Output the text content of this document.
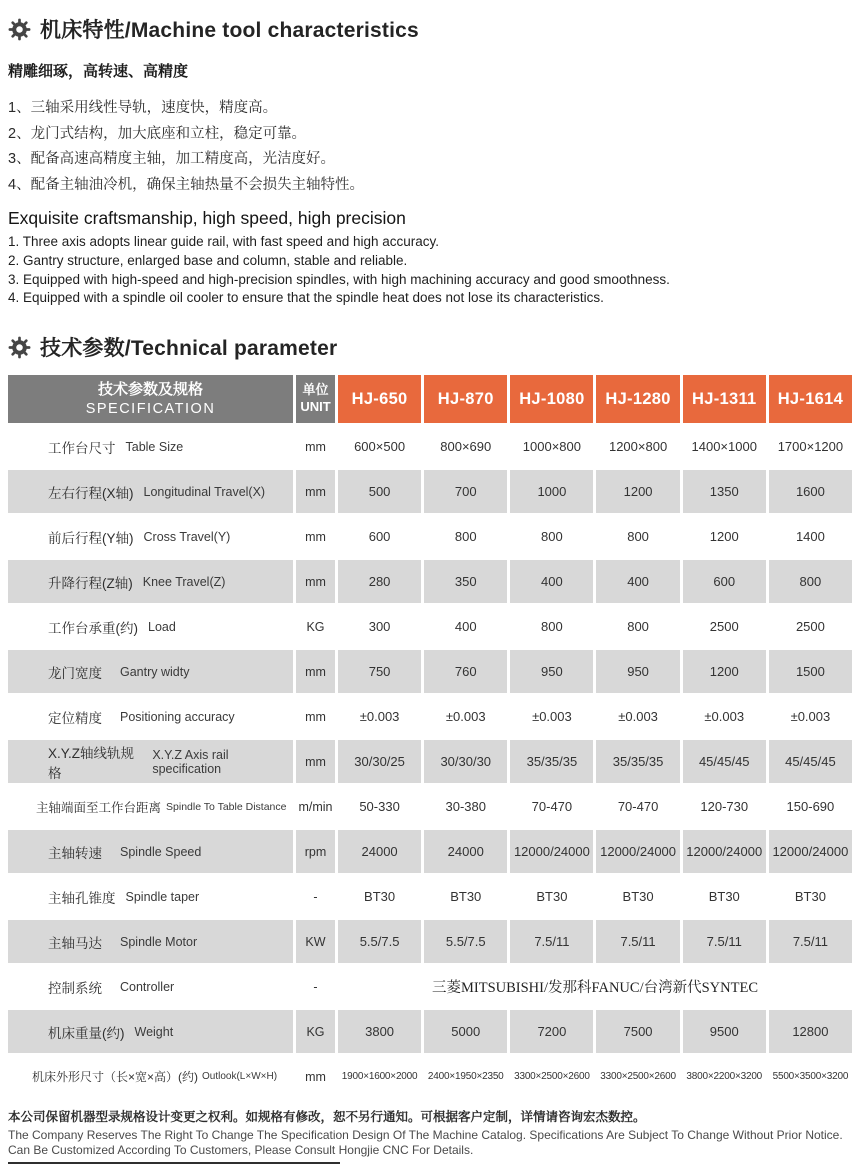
机床特性/Machine tool characteristics
精雕细琢，高转速、高精度
1、三轴采用线性导轨，速度快，精度高。
2、龙门式结构，加大底座和立柱，稳定可靠。
3、配备高速高精度主轴，加工精度高，光洁度好。
4、配备主轴油冷机，确保主轴热量不会损失主轴特性。
Exquisite craftsmanship, high speed, high precision
1. Three axis adopts linear guide rail, with fast speed and high accuracy.
2. Gantry structure, enlarged base and column, stable and reliable.
3. Equipped with high-speed and high-precision spindles, with high machining accuracy and good smoothness.
4. Equipped with a spindle oil cooler to ensure that the spindle heat does not lose its characteristics.
技术参数/Technical parameter
技术参数及规格
SPECIFICATION
单位
UNIT	HJ-650	HJ-870	HJ-1080	HJ-1280	HJ-1311	HJ-1614
工作台尺寸 Table Size	mm	600×500	800×690	1000×800	1200×800	1400×1000	1700×1200
左右行程(X轴) Longitudinal Travel(X)	mm	500	700	1000	1200	1350	1600
前后行程(Y轴) Cross Travel(Y)	mm	600	800	800	800	1200	1400
升降行程(Z轴) Knee Travel(Z)	mm	280	350	400	400	600	800
工作台承重(约) Load	KG	300	400	800	800	2500	2500
龙门宽度	Gantry widty	mm	750	760	950	950	1200	1500
定位精度	Positioning accuracy	mm	±0.003	±0.003	±0.003	±0.003	±0.003	±0.003
X.Y.Z轴线轨规格
X.Y.Z Axis rail specification	mm	30/30/25	30/30/30	35/35/35	35/35/35	45/45/45	45/45/45
主轴端面至工作台距离 Spindle To Table Distance m/min	50-330	30-380	70-470	70-470	120-730	150-690
主轴转速	Spindle Speed	rpm	24000	24000	12000/24000 12000/24000 12000/24000 12000/24000
主轴孔锥度 Spindle taper	-	BT30	BT30	BT30	BT30	BT30	BT30
主轴马达	Spindle Motor	KW	5.5/7.5	5.5/7.5	7.5/11	7.5/11	7.5/11	7.5/11
控制系统	Controller	-	三菱MITSUBISHI/发那科FANUC/台湾新代SYNTEC
机床重量(约) Weight	KG	3800	5000	7200	7500	9500	12800
机床外形尺寸（长×宽×高）(约) Outlook(L×W×H)	mm	1900×1600×2000	2400×1950×2350	3300×2500×2600	3300×2500×2600	3800×2200×3200	5500×3500×3200
本公司保留机器型录规格设计变更之权利。如规格有修改，恕不另行通知。可根据客户定制，详情请咨询宏杰数控。
The Company Reserves The Right To Change The Specification Design Of The Machine Catalog. Specifications Are Subject To Change Without Prior Notice. Can Be Customized According To Customers, Please Consult Hongjie CNC For Details.
